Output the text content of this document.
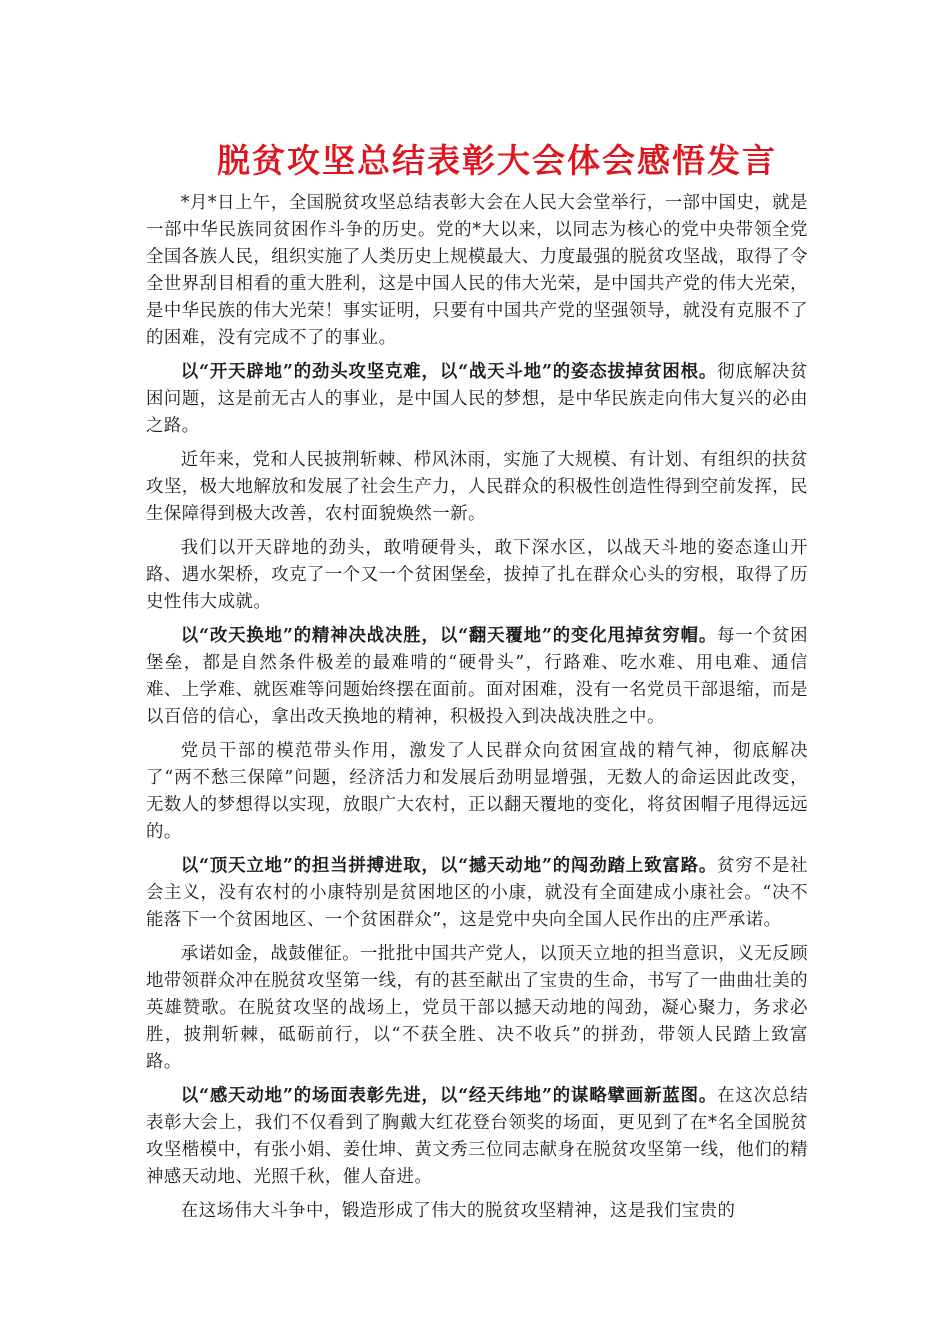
脱贫攻坚总结表彰大会体会感悟发言

*月*日上午，全国脱贫攻坚总结表彰大会在人民大会堂举行，一部中国史，就是一部中华民族同贫困作斗争的历史。党的*大以来，以同志为核心的党中央带领全党全国各族人民，组织实施了人类历史上规模最大、力度最强的脱贫攻坚战，取得了令全世界刮目相看的重大胜利，这是中国人民的伟大光荣，是中国共产党的伟大光荣，是中华民族的伟大光荣！事实证明，只要有中国共产党的坚强领导，就没有克服不了的困难，没有完成不了的事业。

以“开天辟地”的劲头攻坚克难，以“战天斗地”的姿态拔掉贫困根。彻底解决贫困问题，这是前无古人的事业，是中国人民的梦想，是中华民族走向伟大复兴的必由之路。

近年来，党和人民披荆斩棘、栉风沐雨，实施了大规模、有计划、有组织的扶贫攻坚，极大地解放和发展了社会生产力，人民群众的积极性创造性得到空前发挥，民生保障得到极大改善，农村面貌焕然一新。

我们以开天辟地的劲头，敢啃硬骨头，敢下深水区，以战天斗地的姿态逢山开路、遇水架桥，攻克了一个又一个贫困堡垒，拔掉了扎在群众心头的穷根，取得了历史性伟大成就。

以“改天换地”的精神决战决胜，以“翻天覆地”的变化甩掉贫穷帽。每一个贫困堡垒，都是自然条件极差的最难啃的“硬骨头”，行路难、吃水难、用电难、通信难、上学难、就医难等问题始终摆在面前。面对困难，没有一名党员干部退缩，而是以百倍的信心，拿出改天换地的精神，积极投入到决战决胜之中。

党员干部的模范带头作用，激发了人民群众向贫困宣战的精气神，彻底解决了“两不愁三保障”问题，经济活力和发展后劲明显增强，无数人的命运因此改变，无数人的梦想得以实现，放眼广大农村，正以翻天覆地的变化，将贫困帽子甩得远远的。

以“顶天立地”的担当拼搏进取，以“撼天动地”的闯劲踏上致富路。贫穷不是社会主义，没有农村的小康特别是贫困地区的小康，就没有全面建成小康社会。“决不能落下一个贫困地区、一个贫困群众”，这是党中央向全国人民作出的庄严承诺。

承诺如金，战鼓催征。一批批中国共产党人，以顶天立地的担当意识，义无反顾地带领群众冲在脱贫攻坚第一线，有的甚至献出了宝贵的生命，书写了一曲曲壮美的英雄赞歌。在脱贫攻坚的战场上，党员干部以撼天动地的闯劲，凝心聚力，务求必胜，披荆斩棘，砥砺前行，以“不获全胜、决不收兵”的拼劲，带领人民踏上致富路。

以“感天动地”的场面表彰先进，以“经天纬地”的谋略擘画新蓝图。在这次总结表彰大会上，我们不仅看到了胸戴大红花登台领奖的场面，更见到了在*名全国脱贫攻坚楷模中，有张小娟、姜仕坤、黄文秀三位同志献身在脱贫攻坚第一线，他们的精神感天动地、光照千秋，催人奋进。

在这场伟大斗争中，锻造形成了伟大的脱贫攻坚精神，这是我们宝贵的
